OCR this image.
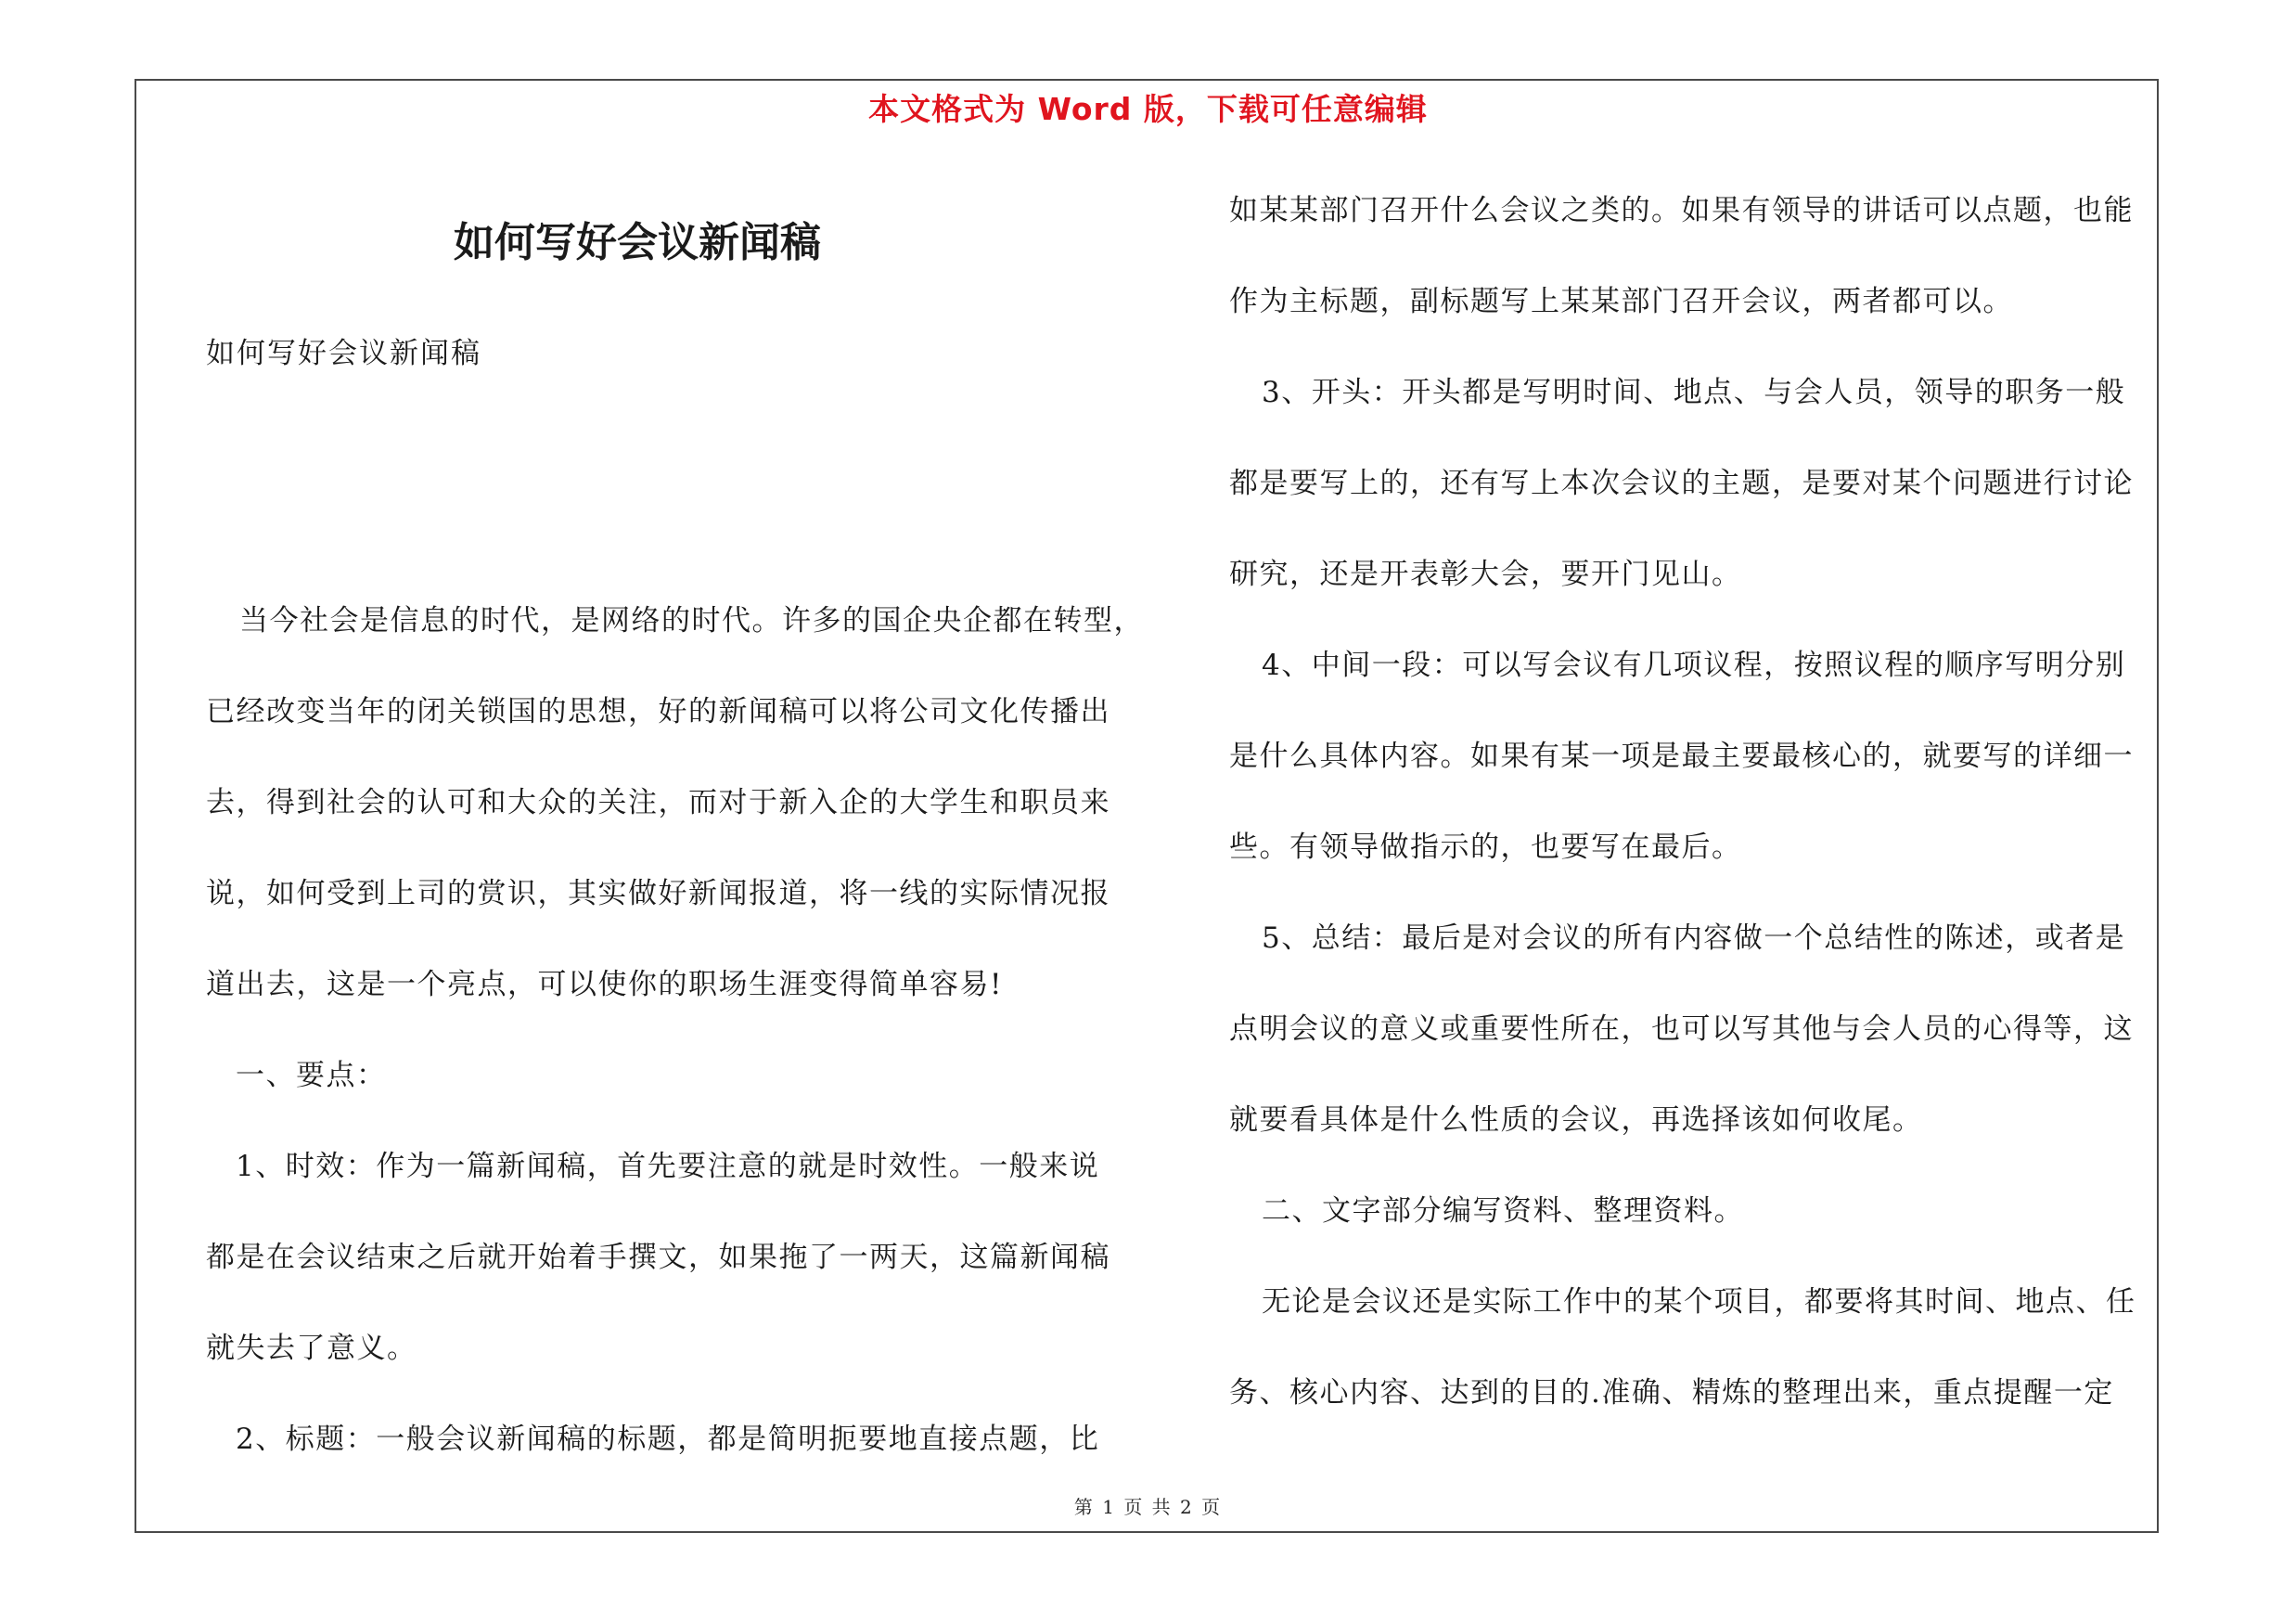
本文格式为 Word 版，下载可任意编辑
如何写好会议新闻稿
如何写好会议新闻稿
当今社会是信息的时代，是网络的时代。许多的国企央企都在转型，
已经改变当年的闭关锁国的思想，好的新闻稿可以将公司文化传播出
去，得到社会的认可和大众的关注，而对于新入企的大学生和职员来
说，如何受到上司的赏识，其实做好新闻报道，将一线的实际情况报
道出去，这是一个亮点，可以使你的职场生涯变得简单容易!
一、要点：
1、时效：作为一篇新闻稿，首先要注意的就是时效性。一般来说
都是在会议结束之后就开始着手撰文，如果拖了一两天，这篇新闻稿
就失去了意义。
2、标题：一般会议新闻稿的标题，都是简明扼要地直接点题，比
如某某部门召开什么会议之类的。如果有领导的讲话可以点题，也能
作为主标题，副标题写上某某部门召开会议，两者都可以。
3、开头：开头都是写明时间、地点、与会人员，领导的职务一般
都是要写上的，还有写上本次会议的主题，是要对某个问题进行讨论
研究，还是开表彰大会，要开门见山。
4、中间一段：可以写会议有几项议程，按照议程的顺序写明分别
是什么具体内容。如果有某一项是最主要最核心的，就要写的详细一
些。有领导做指示的，也要写在最后。
5、总结：最后是对会议的所有内容做一个总结性的陈述，或者是
点明会议的意义或重要性所在，也可以写其他与会人员的心得等，这
就要看具体是什么性质的会议，再选择该如何收尾。
二、文字部分编写资料、整理资料。
无论是会议还是实际工作中的某个项目，都要将其时间、地点、任
务、核心内容、达到的目的.准确、精炼的整理出来，重点提醒一定
第 1 页 共 2 页
